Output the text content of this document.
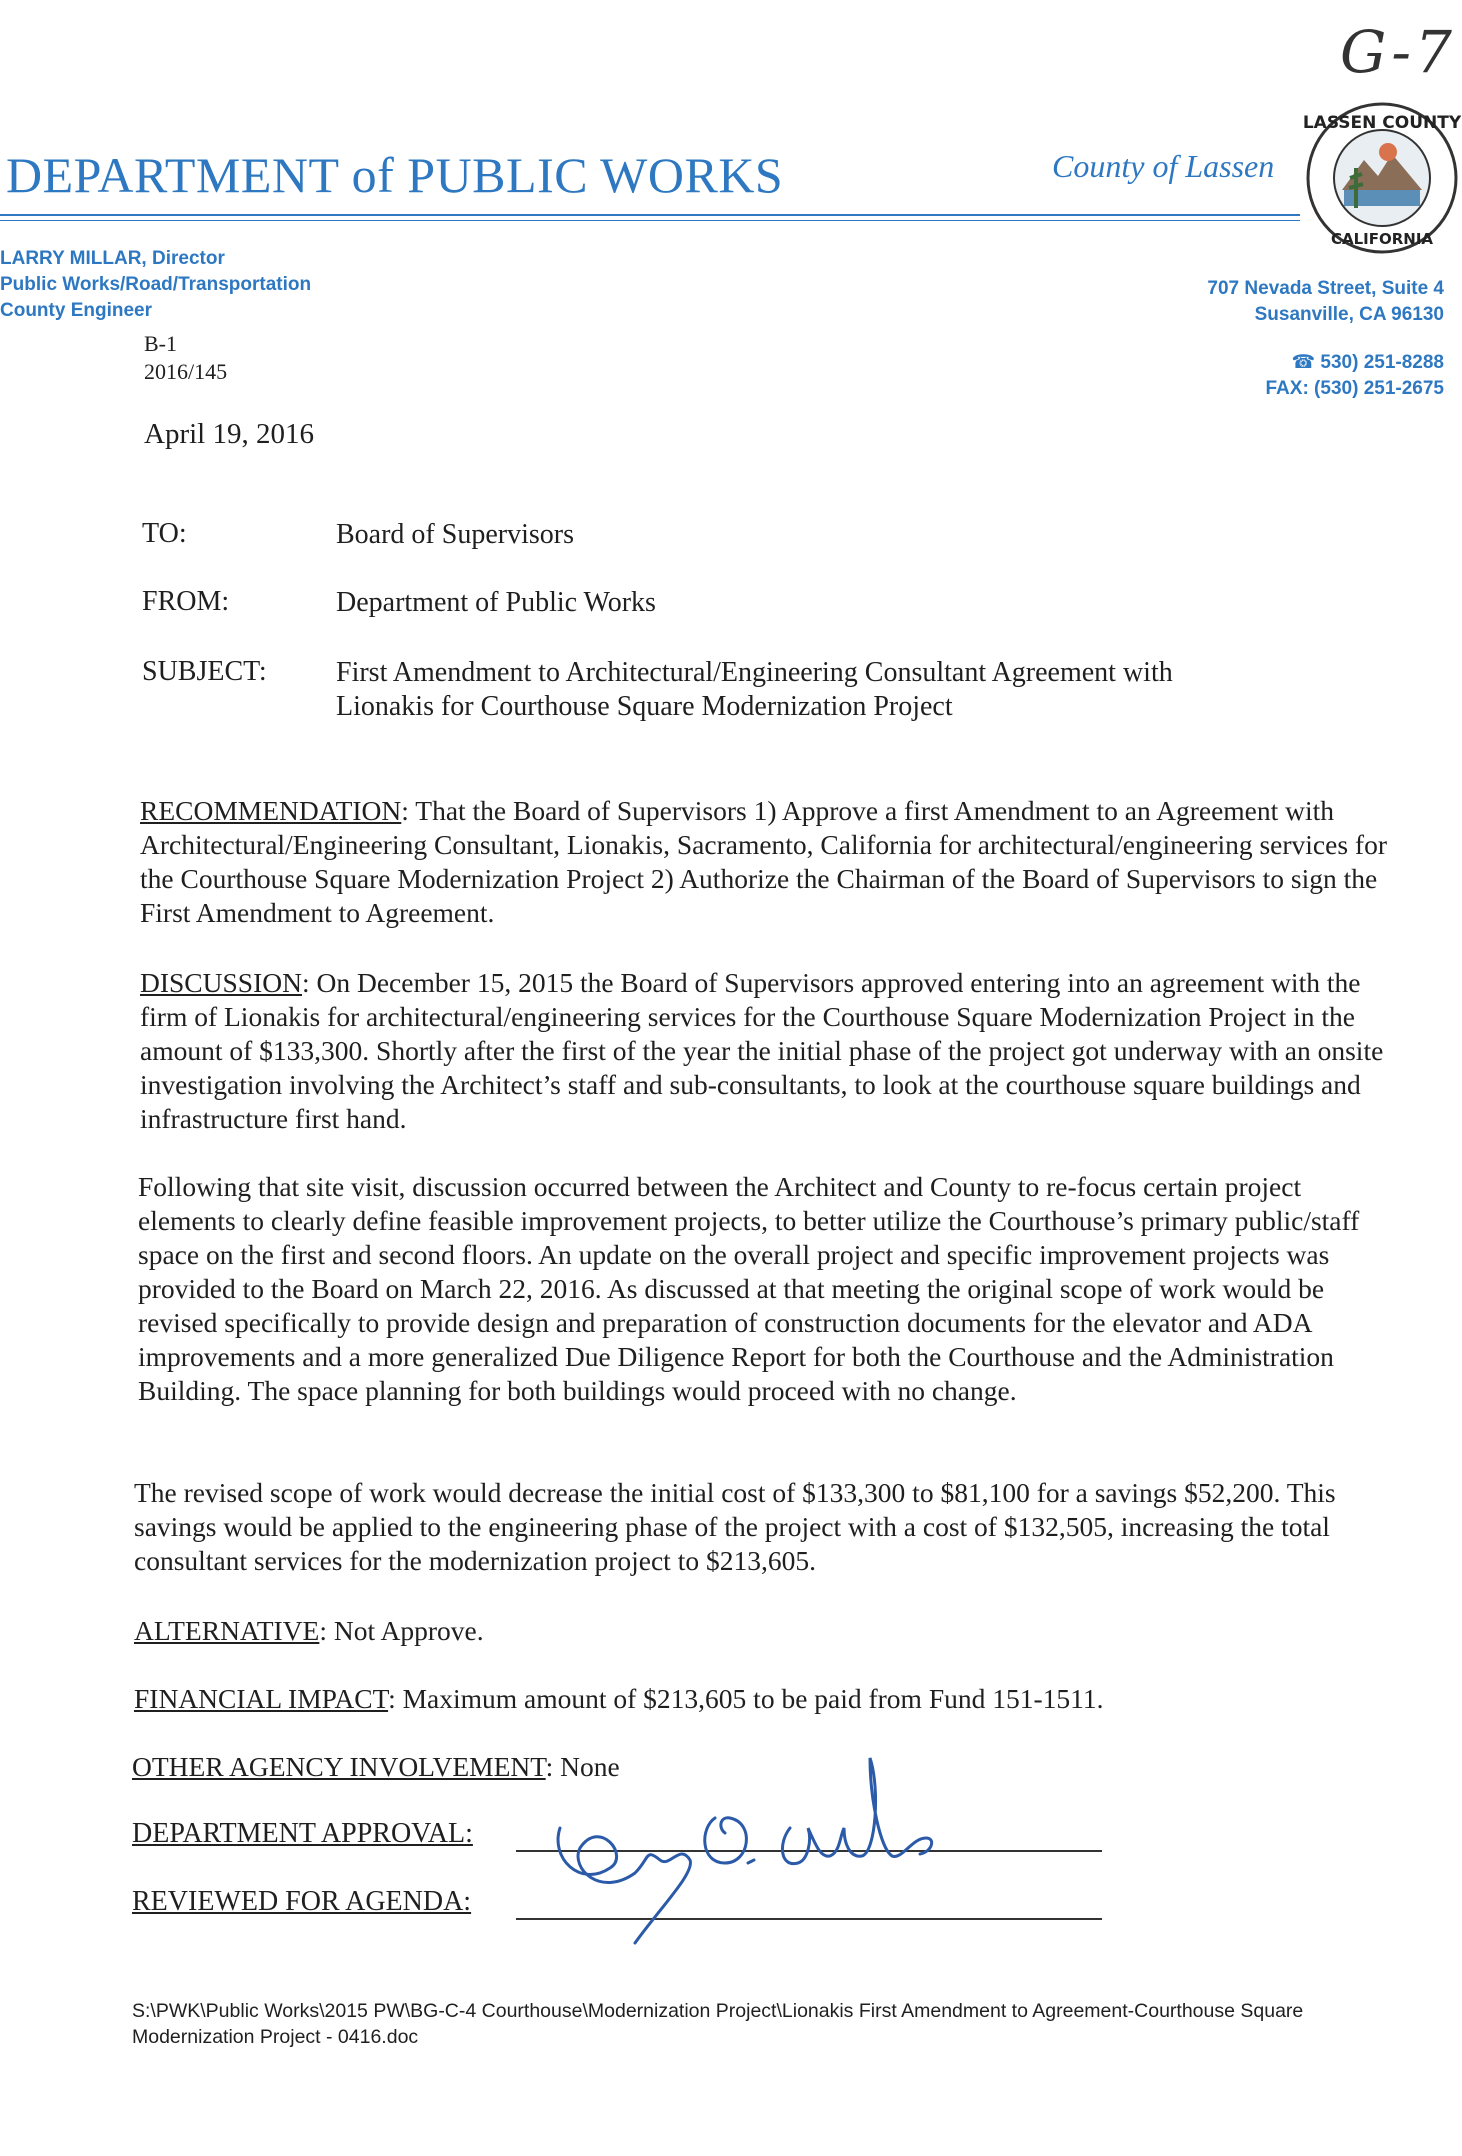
G-7
DEPARTMENT of PUBLIC WORKS	County of Lassen
LASSEN COUNTY
CALIFORNIA
LARRY MILLAR, Director
Public Works/Road/Transportation
County Engineer
707 Nevada Street, Suite 4
Susanville, CA 96130
☎ 530) 251-8288
FAX: (530) 251-2675
B-1
2016/145
April 19, 2016
TO:	Board of Supervisors
FROM:	Department of Public Works
SUBJECT: First Amendment to Architectural/Engineering Consultant Agreement with Lionakis for Courthouse Square Modernization Project
RECOMMENDATION: That the Board of Supervisors 1) Approve a first Amendment to an Agreement with Architectural/Engineering Consultant, Lionakis, Sacramento, California for architectural/engineering services for the Courthouse Square Modernization Project 2) Authorize the Chairman of the Board of Supervisors to sign the First Amendment to Agreement.
DISCUSSION: On December 15, 2015 the Board of Supervisors approved entering into an agreement with the firm of Lionakis for architectural/engineering services for the Courthouse Square Modernization Project in the amount of $133,300. Shortly after the first of the year the initial phase of the project got underway with an onsite investigation involving the Architect’s staff and sub-consultants, to look at the courthouse square buildings and infrastructure first hand.
Following that site visit, discussion occurred between the Architect and County to re-focus certain project elements to clearly define feasible improvement projects, to better utilize the Courthouse’s primary public/staff space on the first and second floors. An update on the overall project and specific improvement projects was provided to the Board on March 22, 2016. As discussed at that meeting the original scope of work would be revised specifically to provide design and preparation of construction documents for the elevator and ADA improvements and a more generalized Due Diligence Report for both the Courthouse and the Administration Building. The space planning for both buildings would proceed with no change.
The revised scope of work would decrease the initial cost of $133,300 to $81,100 for a savings $52,200. This savings would be applied to the engineering phase of the project with a cost of $132,505, increasing the total consultant services for the modernization project to $213,605.
ALTERNATIVE: Not Approve.
FINANCIAL IMPACT: Maximum amount of $213,605 to be paid from Fund 151-1511.
OTHER AGENCY INVOLVEMENT: None
DEPARTMENT APPROVAL:
REVIEWED FOR AGENDA:
S:\PWK\Public Works\2015 PW\BG-C-4 Courthouse\Modernization Project\Lionakis First Amendment to Agreement-Courthouse Square Modernization Project - 0416.doc
